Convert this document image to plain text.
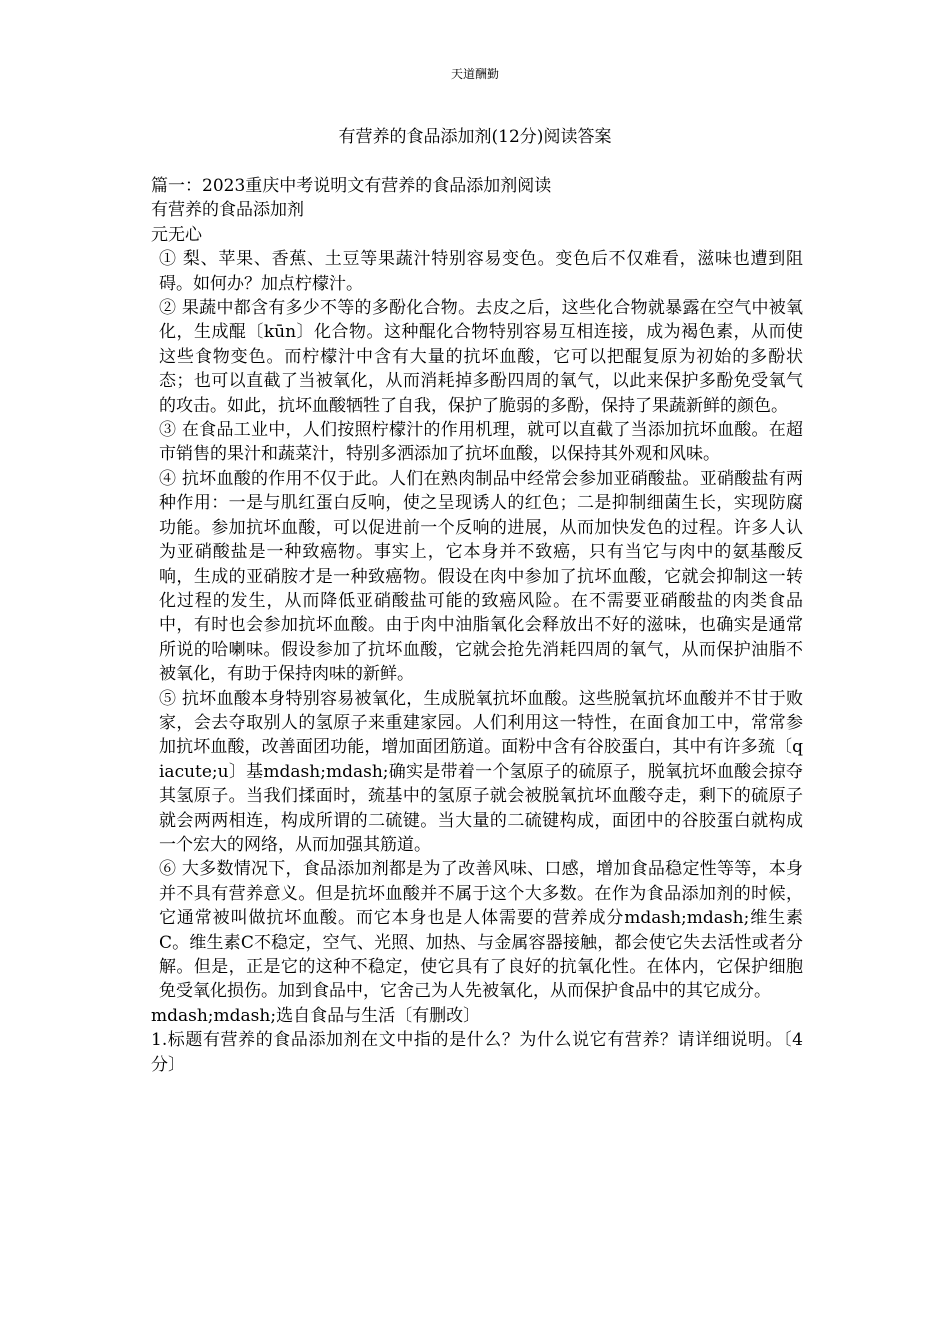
天道酬勤
有营养的食品添加剂(12分)阅读答案

篇一：2023重庆中考说明文有营养的食品添加剂阅读

有营养的食品添加剂

元无心

① 梨、苹果、香蕉、土豆等果蔬汁特别容易变色。变色后不仅难看，滋味也遭到阻碍。如何办？加点柠檬汁。

② 果蔬中都含有多少不等的多酚化合物。去皮之后，这些化合物就暴露在空气中被氧化，生成醌〔kūn〕化合物。这种醌化合物特别容易互相连接，成为褐色素，从而使这些食物变色。而柠檬汁中含有大量的抗坏血酸，它可以把醌复原为初始的多酚状态；也可以直截了当被氧化，从而消耗掉多酚四周的氧气，以此来保护多酚免受氧气的攻击。如此，抗坏血酸牺牲了自我，保护了脆弱的多酚，保持了果蔬新鲜的颜色。

③ 在食品工业中，人们按照柠檬汁的作用机理，就可以直截了当添加抗坏血酸。在超市销售的果汁和蔬菜汁，特别多洒添加了抗坏血酸，以保持其外观和风味。

④ 抗坏血酸的作用不仅于此。人们在熟肉制品中经常会参加亚硝酸盐。亚硝酸盐有两种作用：一是与肌红蛋白反响，使之呈现诱人的红色；二是抑制细菌生长，实现防腐功能。参加抗坏血酸，可以促进前一个反响的进展，从而加快发色的过程。许多人认为亚硝酸盐是一种致癌物。事实上，它本身并不致癌，只有当它与肉中的氨基酸反响，生成的亚硝胺才是一种致癌物。假设在肉中参加了抗坏血酸，它就会抑制这一转化过程的发生，从而降低亚硝酸盐可能的致癌风险。在不需要亚硝酸盐的肉类食品中，有时也会参加抗坏血酸。由于肉中油脂氧化会释放出不好的滋味，也确实是通常所说的哈喇味。假设参加了抗坏血酸，它就会抢先消耗四周的氧气，从而保护油脂不被氧化，有助于保持肉味的新鲜。

⑤ 抗坏血酸本身特别容易被氧化，生成脱氧抗坏血酸。这些脱氧抗坏血酸并不甘于败家，会去夺取别人的氢原子来重建家园。人们利用这一特性，在面食加工中，常常参加抗坏血酸，改善面团功能，增加面团筋道。面粉中含有谷胶蛋白，其中有许多巯〔qiacute;u〕基mdash;mdash;确实是带着一个氢原子的硫原子，脱氧抗坏血酸会掠夺其氢原子。当我们揉面时，巯基中的氢原子就会被脱氧抗坏血酸夺走，剩下的硫原子就会两两相连，构成所谓的二硫键。当大量的二硫键构成，面团中的谷胶蛋白就构成一个宏大的网络，从而加强其筋道。

⑥ 大多数情况下，食品添加剂都是为了改善风味、口感，增加食品稳定性等等，本身并不具有营养意义。但是抗坏血酸并不属于这个大多数。在作为食品添加剂的时候，它通常被叫做抗坏血酸。而它本身也是人体需要的营养成分mdash;mdash;维生素C。维生素C不稳定，空气、光照、加热、与金属容器接触，都会使它失去活性或者分解。但是，正是它的这种不稳定，使它具有了良好的抗氧化性。在体内，它保护细胞免受氧化损伤。加到食品中，它舍己为人先被氧化，从而保护食品中的其它成分。

mdash;mdash;选自食品与生活〔有删改〕

1.标题有营养的食品添加剂在文中指的是什么？为什么说它有营养？请详细说明。〔4分〕
